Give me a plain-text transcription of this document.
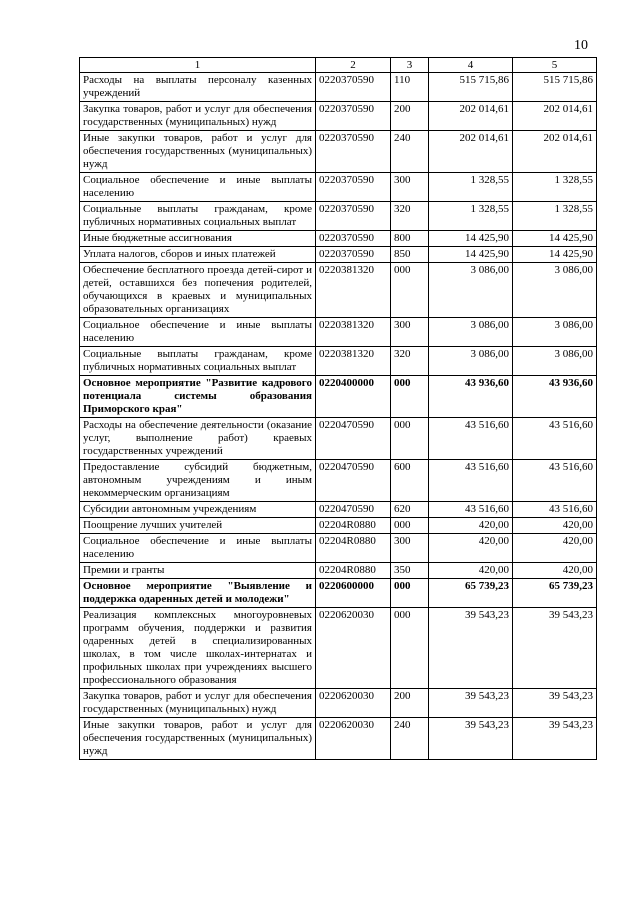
10
1	2	3	4	5
Расходы на выплаты персоналу казенных учреждений	0220370590	110	515 715,86	515 715,86
Закупка товаров, работ и услуг для обеспечения государственных (муниципальных) нужд	0220370590	200	202 014,61	202 014,61
Иные закупки товаров, работ и услуг для обеспечения государственных (муниципальных) нужд	0220370590	240	202 014,61	202 014,61
Социальное обеспечение и иные выплаты населению	0220370590	300	1 328,55	1 328,55
Социальные выплаты гражданам, кроме публичных нормативных социальных выплат	0220370590	320	1 328,55	1 328,55
Иные бюджетные ассигнования	0220370590	800	14 425,90	14 425,90
Уплата налогов, сборов и иных платежей	0220370590	850	14 425,90	14 425,90
Обеспечение бесплатного проезда детей-сирот и детей, оставшихся без попечения родителей, обучающихся в краевых и муниципальных образовательных организациях	0220381320	000	3 086,00	3 086,00
Социальное обеспечение и иные выплаты населению	0220381320	300	3 086,00	3 086,00
Социальные выплаты гражданам, кроме публичных нормативных социальных выплат	0220381320	320	3 086,00	3 086,00
Основное мероприятие "Развитие кадрового потенциала системы образования Приморского края"	0220400000	000	43 936,60	43 936,60
Расходы на обеспечение деятельности (оказание услуг, выполнение работ) краевых государственных учреждений	0220470590	000	43 516,60	43 516,60
Предоставление субсидий бюджетным, автономным учреждениям и иным некоммерческим организациям	0220470590	600	43 516,60	43 516,60
Субсидии автономным учреждениям	0220470590	620	43 516,60	43 516,60
Поощрение лучших учителей	02204R0880	000	420,00	420,00
Социальное обеспечение и иные выплаты населению	02204R0880	300	420,00	420,00
Премии и гранты	02204R0880	350	420,00	420,00
Основное мероприятие "Выявление и поддержка одаренных детей и молодежи"	0220600000	000	65 739,23	65 739,23
Реализация комплексных многоуровневых программ обучения, поддержки и развития одаренных детей в специализированных школах, в том числе школах-интернатах и профильных школах при учреждениях высшего профессионального образования	0220620030	000	39 543,23	39 543,23
Закупка товаров, работ и услуг для обеспечения государственных (муниципальных) нужд	0220620030	200	39 543,23	39 543,23
Иные закупки товаров, работ и услуг для обеспечения государственных (муниципальных) нужд	0220620030	240	39 543,23	39 543,23
